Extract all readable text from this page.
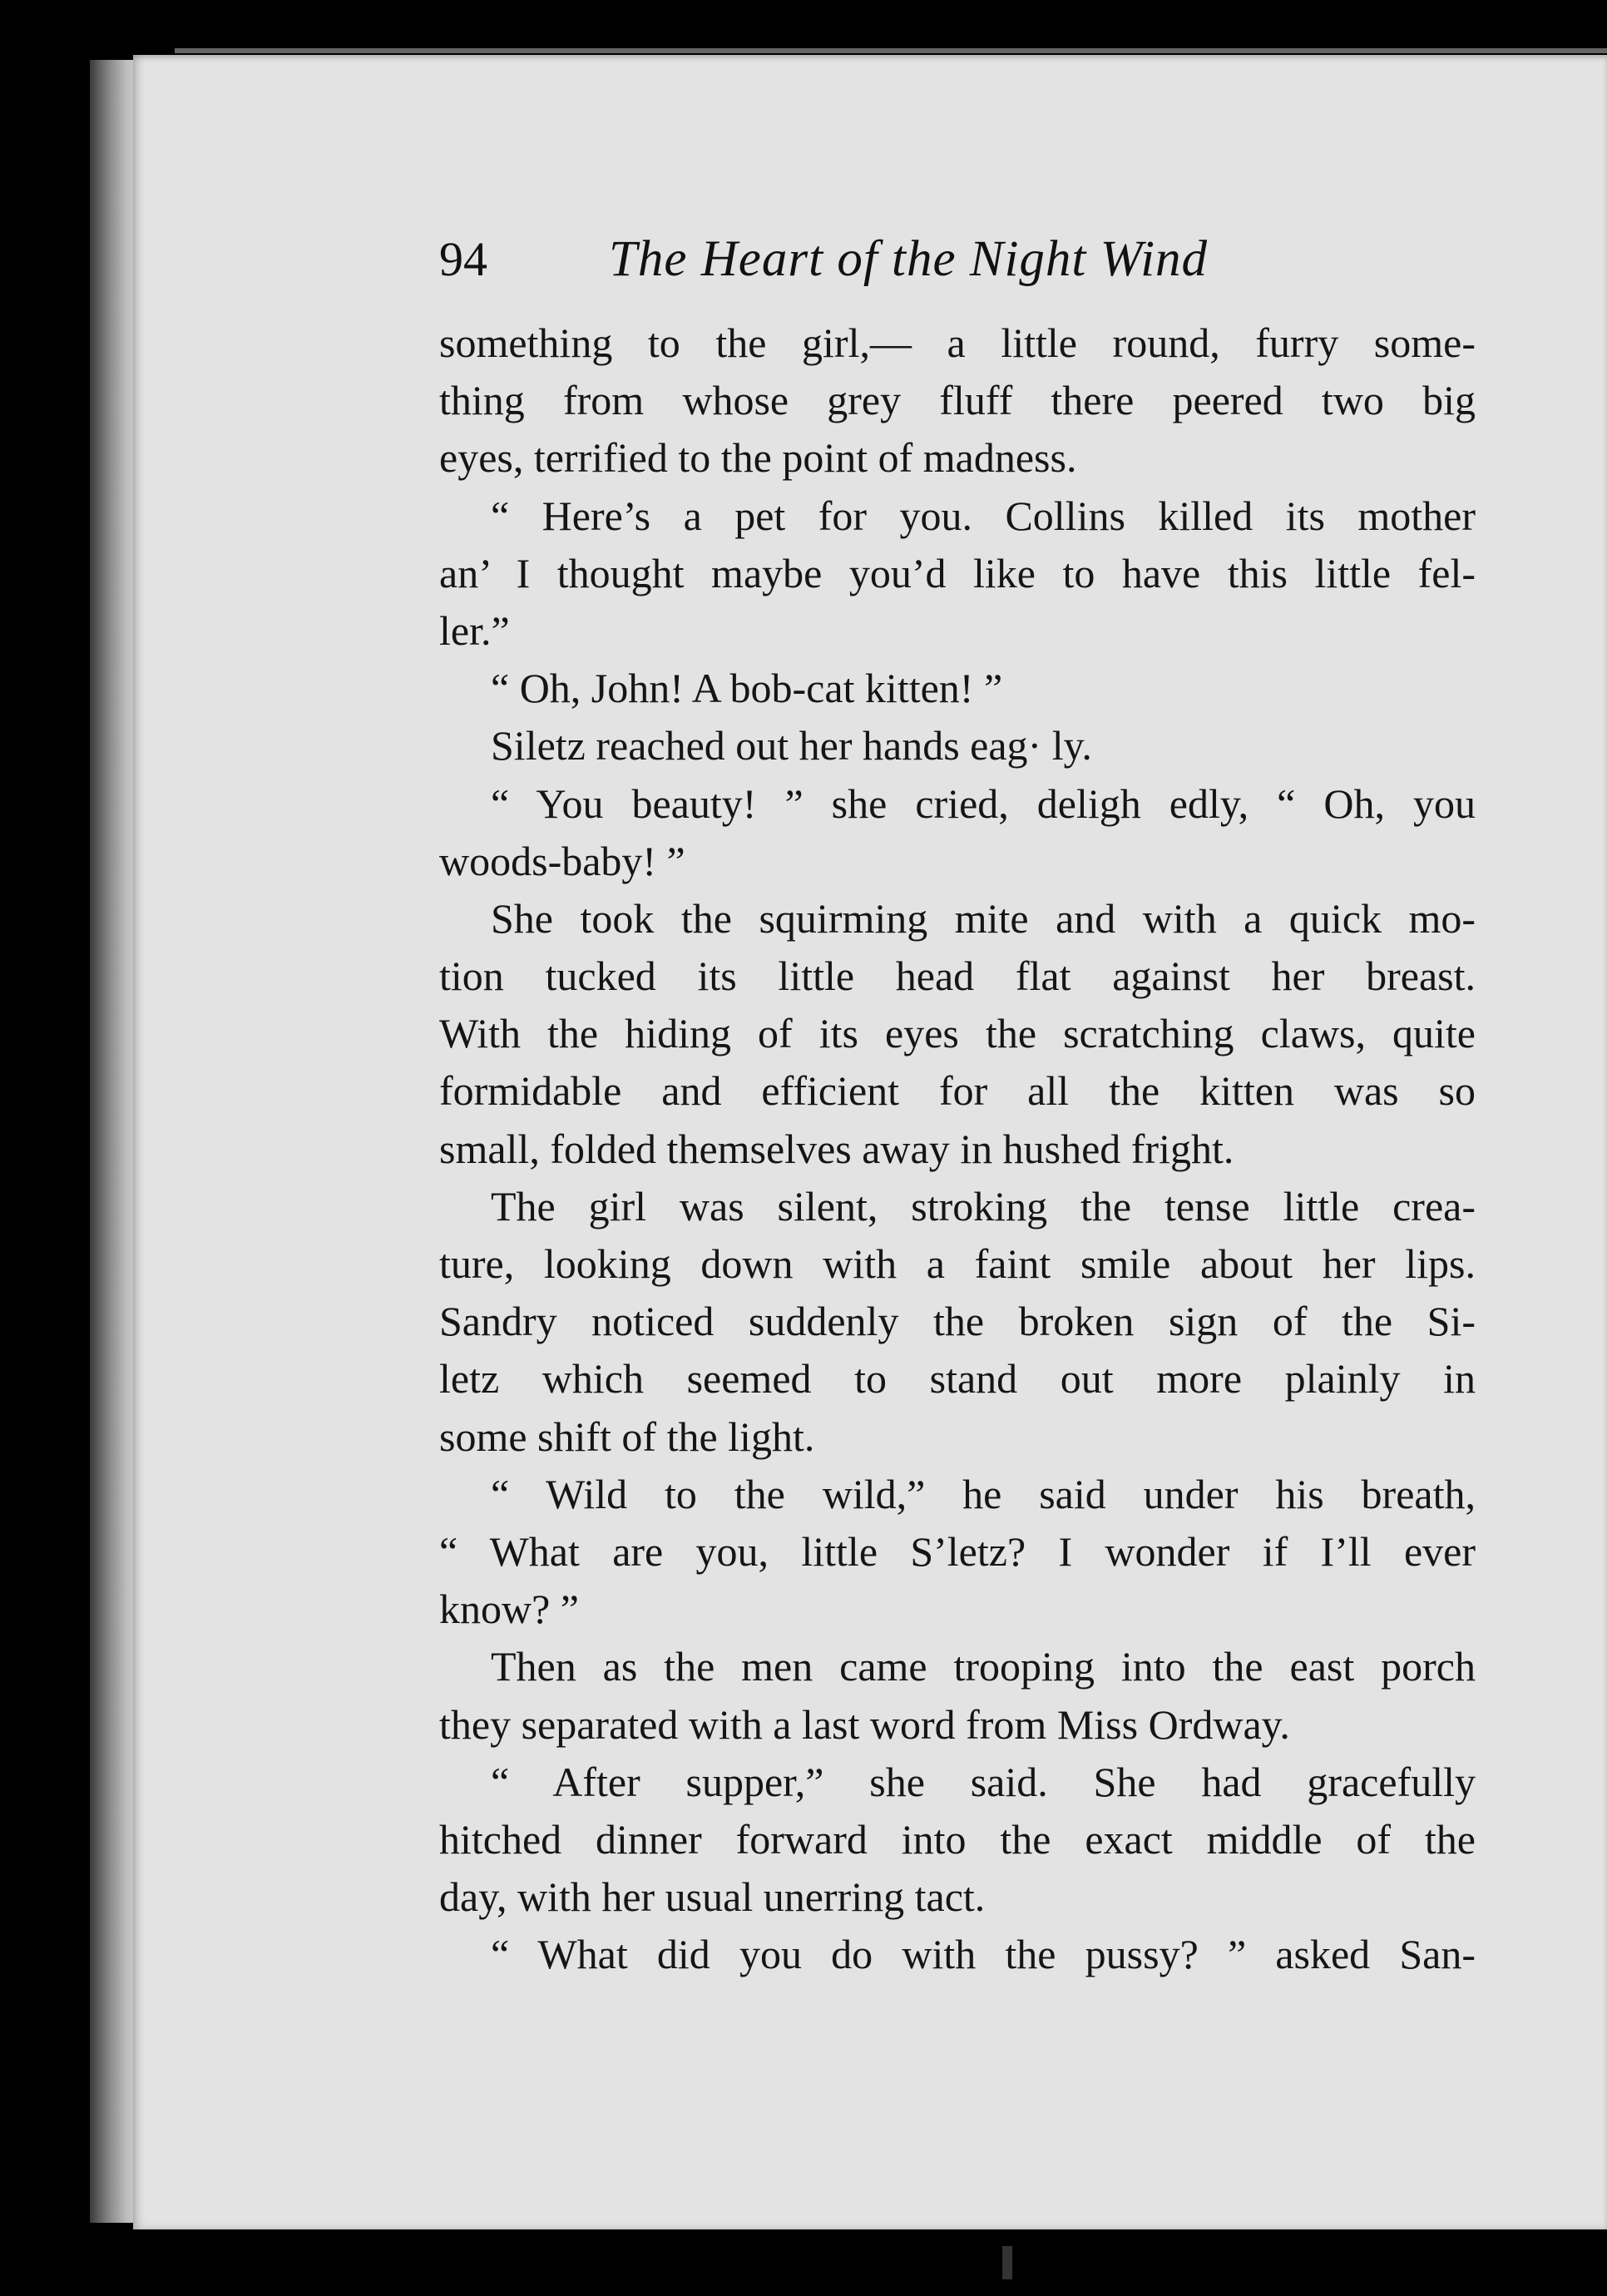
94 The Heart of the Night Wind
something to the girl,— a little round, furry some-
thing from whose grey fluff there peered two big
eyes, terrified to the point of madness.
“ Here’s a pet for you. Collins killed its mother
an’ I thought maybe you’d like to have this little fel-
ler.”
“ Oh, John! A bob-cat kitten! ”
Siletz reached out her hands eag· ly.
“ You beauty! ” she cried, deligh edly, “ Oh, you
woods-baby! ”
She took the squirming mite and with a quick mo-
tion tucked its little head flat against her breast.
With the hiding of its eyes the scratching claws, quite
formidable and efficient for all the kitten was so
small, folded themselves away in hushed fright.
The girl was silent, stroking the tense little crea-
ture, looking down with a faint smile about her lips.
Sandry noticed suddenly the broken sign of the Si-
letz which seemed to stand out more plainly in
some shift of the light.
“ Wild to the wild,” he said under his breath,
“ What are you, little S’letz? I wonder if I’ll ever
know? ”
Then as the men came trooping into the east porch
they separated with a last word from Miss Ordway.
“ After supper,” she said. She had gracefully
hitched dinner forward into the exact middle of the
day, with her usual unerring tact.
“ What did you do with the pussy? ” asked San-
